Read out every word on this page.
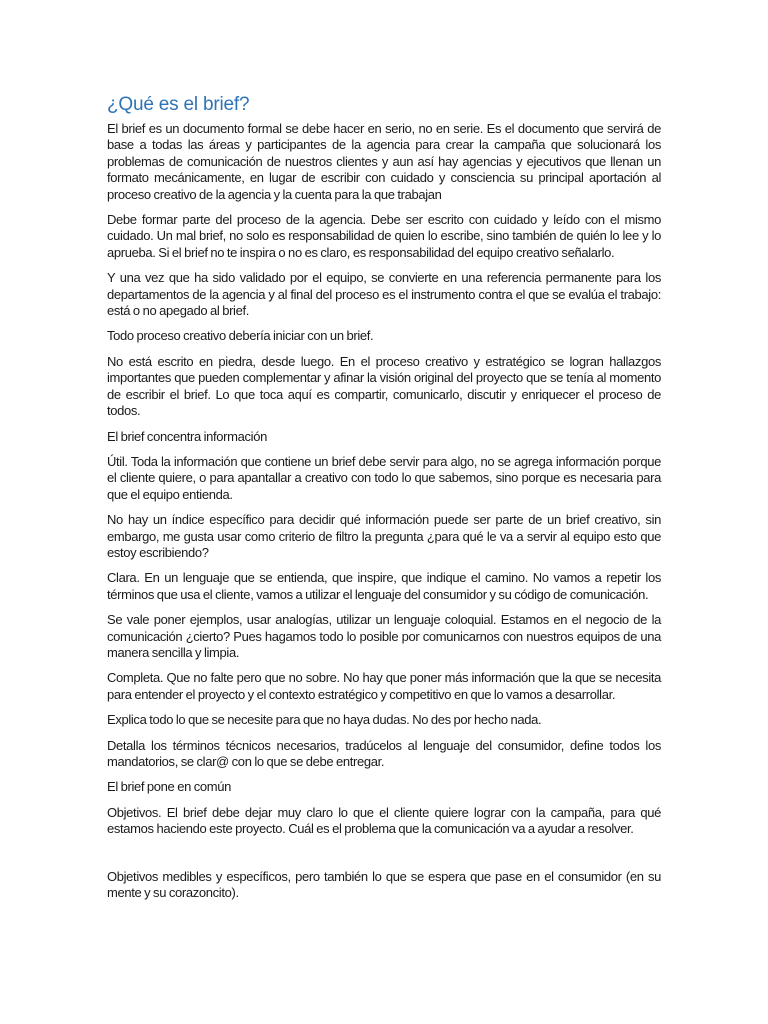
¿Qué es el brief?

El brief es un documento formal se debe hacer en serio, no en serie. Es el documento que servirá de base a todas las áreas y participantes de la agencia para crear la campaña que solucionará los problemas de comunicación de nuestros clientes y aun así hay agencias y ejecutivos que llenan un formato mecánicamente, en lugar de escribir con cuidado y consciencia su principal aportación al proceso creativo de la agencia y la cuenta para la que trabajan

Debe formar parte del proceso de la agencia. Debe ser escrito con cuidado y leído con el mismo cuidado. Un mal brief, no solo es responsabilidad de quien lo escribe, sino también de quién lo lee y lo aprueba. Si el brief no te inspira o no es claro, es responsabilidad del equipo creativo señalarlo.

Y una vez que ha sido validado por el equipo, se convierte en una referencia permanente para los departamentos de la agencia y al final del proceso es el instrumento contra el que se evalúa el trabajo: está o no apegado al brief.

Todo proceso creativo debería iniciar con un brief.

No está escrito en piedra, desde luego. En el proceso creativo y estratégico se logran hallazgos importantes que pueden complementar y afinar la visión original del proyecto que se tenía al momento de escribir el brief. Lo que toca aquí es compartir, comunicarlo, discutir y enriquecer el proceso de todos.

El brief concentra información

Útil. Toda la información que contiene un brief debe servir para algo, no se agrega información porque el cliente quiere, o para apantallar a creativo con todo lo que sabemos, sino porque es necesaria para que el equipo entienda.

No hay un índice específico para decidir qué información puede ser parte de un brief creativo, sin embargo, me gusta usar como criterio de filtro la pregunta ¿para qué le va a servir al equipo esto que estoy escribiendo?

Clara. En un lenguaje que se entienda, que inspire, que indique el camino. No vamos a repetir los términos que usa el cliente, vamos a utilizar el lenguaje del consumidor y su código de comunicación.

Se vale poner ejemplos, usar analogías, utilizar un lenguaje coloquial. Estamos en el negocio de la comunicación ¿cierto? Pues hagamos todo lo posible por comunicarnos con nuestros equipos de una manera sencilla y limpia.

Completa. Que no falte pero que no sobre. No hay que poner más información que la que se necesita para entender el proyecto y el contexto estratégico y competitivo en que lo vamos a desarrollar.

Explica todo lo que se necesite para que no haya dudas. No des por hecho nada.

Detalla los términos técnicos necesarios, tradúcelos al lenguaje del consumidor, define todos los mandatorios, se clar@ con lo que se debe entregar.

El brief pone en común

Objetivos. El brief debe dejar muy claro lo que el cliente quiere lograr con la campaña, para qué estamos haciendo este proyecto. Cuál es el problema que la comunicación va a ayudar a resolver.

Objetivos medibles y específicos, pero también lo que se espera que pase en el consumidor (en su mente y su corazoncito).
